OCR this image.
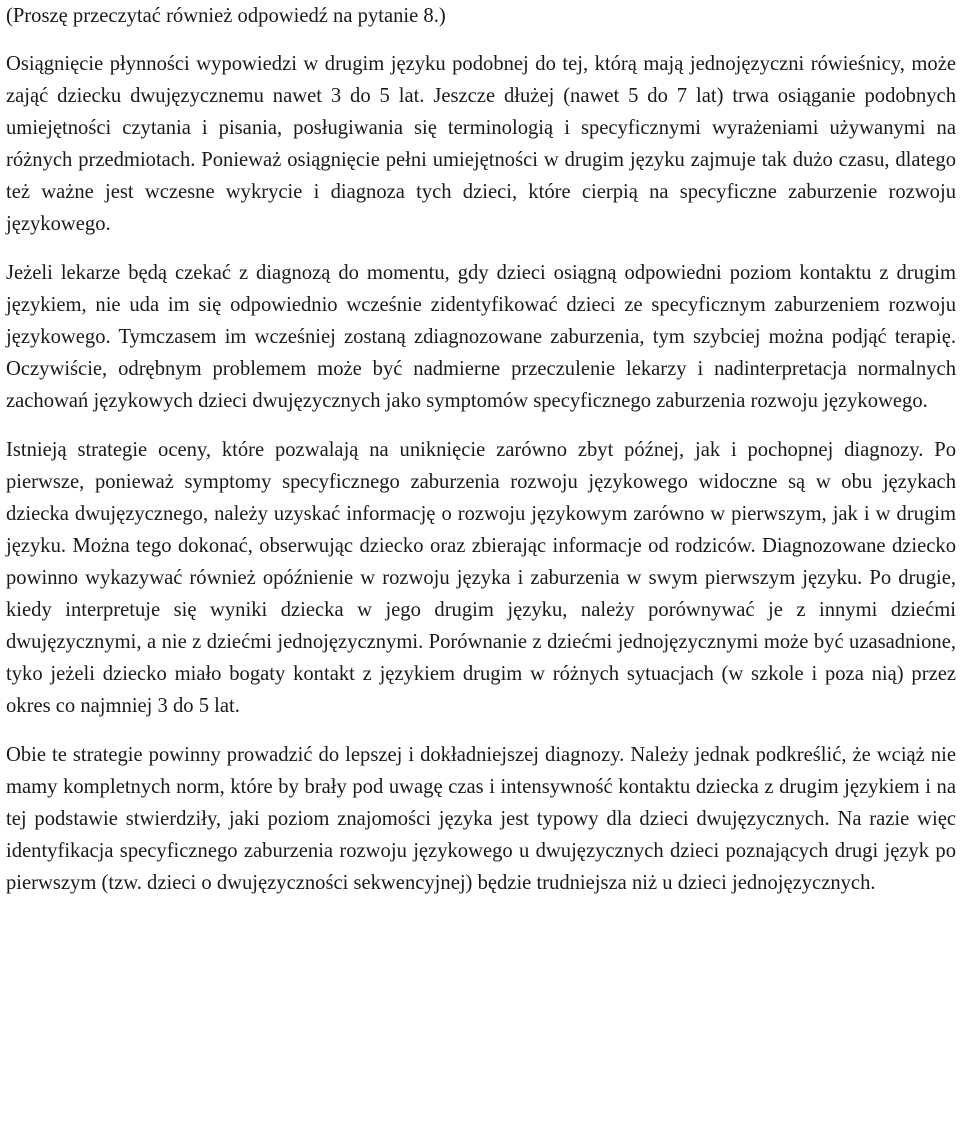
(Proszę przeczytać również odpowiedź na pytanie 8.)

Osiągnięcie płynności wypowiedzi w drugim języku podobnej do tej, którą mają jednojęzyczni rówieśnicy, może zająć dziecku dwujęzycznemu nawet 3 do 5 lat. Jeszcze dłużej (nawet 5 do 7 lat) trwa osiąganie podobnych umiejętności czytania i pisania, posługiwania się terminologią i specyficznymi wyrażeniami używanymi na różnych przedmiotach. Ponieważ osiągnięcie pełni umiejętności w drugim języku zajmuje tak dużo czasu, dlatego też ważne jest wczesne wykrycie i diagnoza tych dzieci, które cierpią na specyficzne zaburzenie rozwoju językowego.

Jeżeli lekarze będą czekać z diagnozą do momentu, gdy dzieci osiągną odpowiedni poziom kontaktu z drugim językiem, nie uda im się odpowiednio wcześnie zidentyfikować dzieci ze specyficznym zaburzeniem rozwoju językowego. Tymczasem im wcześniej zostaną zdiagnozowane zaburzenia, tym szybciej można podjąć terapię. Oczywiście, odrębnym problemem może być nadmierne przeczulenie lekarzy i nadinterpretacja normalnych zachowań językowych dzieci dwujęzycznych jako symptomów specyficznego zaburzenia rozwoju językowego.

Istnieją strategie oceny, które pozwalają na uniknięcie zarówno zbyt późnej, jak i pochopnej diagnozy. Po pierwsze, ponieważ symptomy specyficznego zaburzenia rozwoju językowego widoczne są w obu językach dziecka dwujęzycznego, należy uzyskać informację o rozwoju językowym zarówno w pierwszym, jak i w drugim języku. Można tego dokonać, obserwując dziecko oraz zbierając informacje od rodziców. Diagnozowane dziecko powinno wykazywać również opóźnienie w rozwoju języka i zaburzenia w swym pierwszym języku. Po drugie, kiedy interpretuje się wyniki dziecka w jego drugim języku, należy porównywać je z innymi dziećmi dwujęzycznymi, a nie z dziećmi jednojęzycznymi. Porównanie z dziećmi jednojęzycznymi może być uzasadnione, tyko jeżeli dziecko miało bogaty kontakt z językiem drugim w różnych sytuacjach (w szkole i poza nią) przez okres co najmniej 3 do 5 lat.

Obie te strategie powinny prowadzić do lepszej i dokładniejszej diagnozy. Należy jednak podkreślić, że wciąż nie mamy kompletnych norm, które by brały pod uwagę czas i intensywność kontaktu dziecka z drugim językiem i na tej podstawie stwierdziły, jaki poziom znajomości języka jest typowy dla dzieci dwujęzycznych. Na razie więc identyfikacja specyficznego zaburzenia rozwoju językowego u dwujęzycznych dzieci poznających drugi język po pierwszym (tzw. dzieci o dwujęzyczności sekwencyjnej) będzie trudniejsza niż u dzieci jednojęzycznych.
